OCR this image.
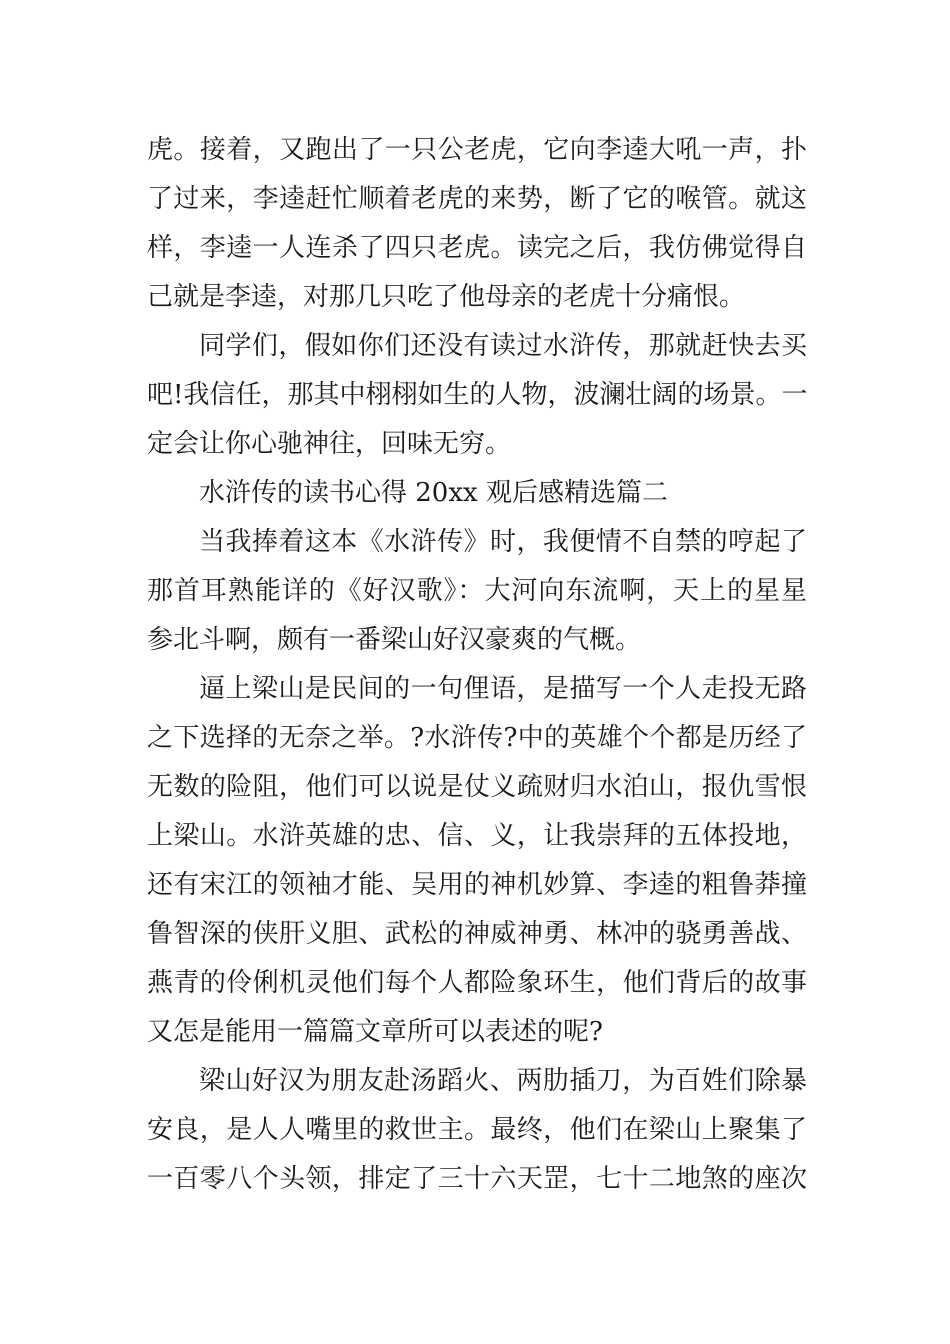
虎。接着，又跑出了一只公老虎，它向李逵大吼一声，扑
了过来，李逵赶忙顺着老虎的来势，断了它的喉管。就这
样，李逵一人连杀了四只老虎。读完之后，我仿佛觉得自
己就是李逵，对那几只吃了他母亲的老虎十分痛恨。
同学们，假如你们还没有读过水浒传，那就赶快去买
吧!我信任，那其中栩栩如生的人物，波澜壮阔的场景。一
定会让你心驰神往，回味无穷。
水浒传的读书心得 20xx 观后感精选篇二
当我捧着这本《水浒传》时，我便情不自禁的哼起了
那首耳熟能详的《好汉歌》：大河向东流啊，天上的星星
参北斗啊，颇有一番梁山好汉豪爽的气概。
逼上梁山是民间的一句俚语，是描写一个人走投无路
之下选择的无奈之举。?水浒传?中的英雄个个都是历经了
无数的险阻，他们可以说是仗义疏财归水泊山，报仇雪恨
上梁山。水浒英雄的忠、信、义，让我崇拜的五体投地，
还有宋江的领袖才能、吴用的神机妙算、李逵的粗鲁莽撞
鲁智深的侠肝义胆、武松的神威神勇、林冲的骁勇善战、
燕青的伶俐机灵他们每个人都险象环生，他们背后的故事
又怎是能用一篇篇文章所可以表述的呢?
梁山好汉为朋友赴汤蹈火、两肋插刀，为百姓们除暴
安良，是人人嘴里的救世主。最终，他们在梁山上聚集了
一百零八个头领，排定了三十六天罡，七十二地煞的座次
